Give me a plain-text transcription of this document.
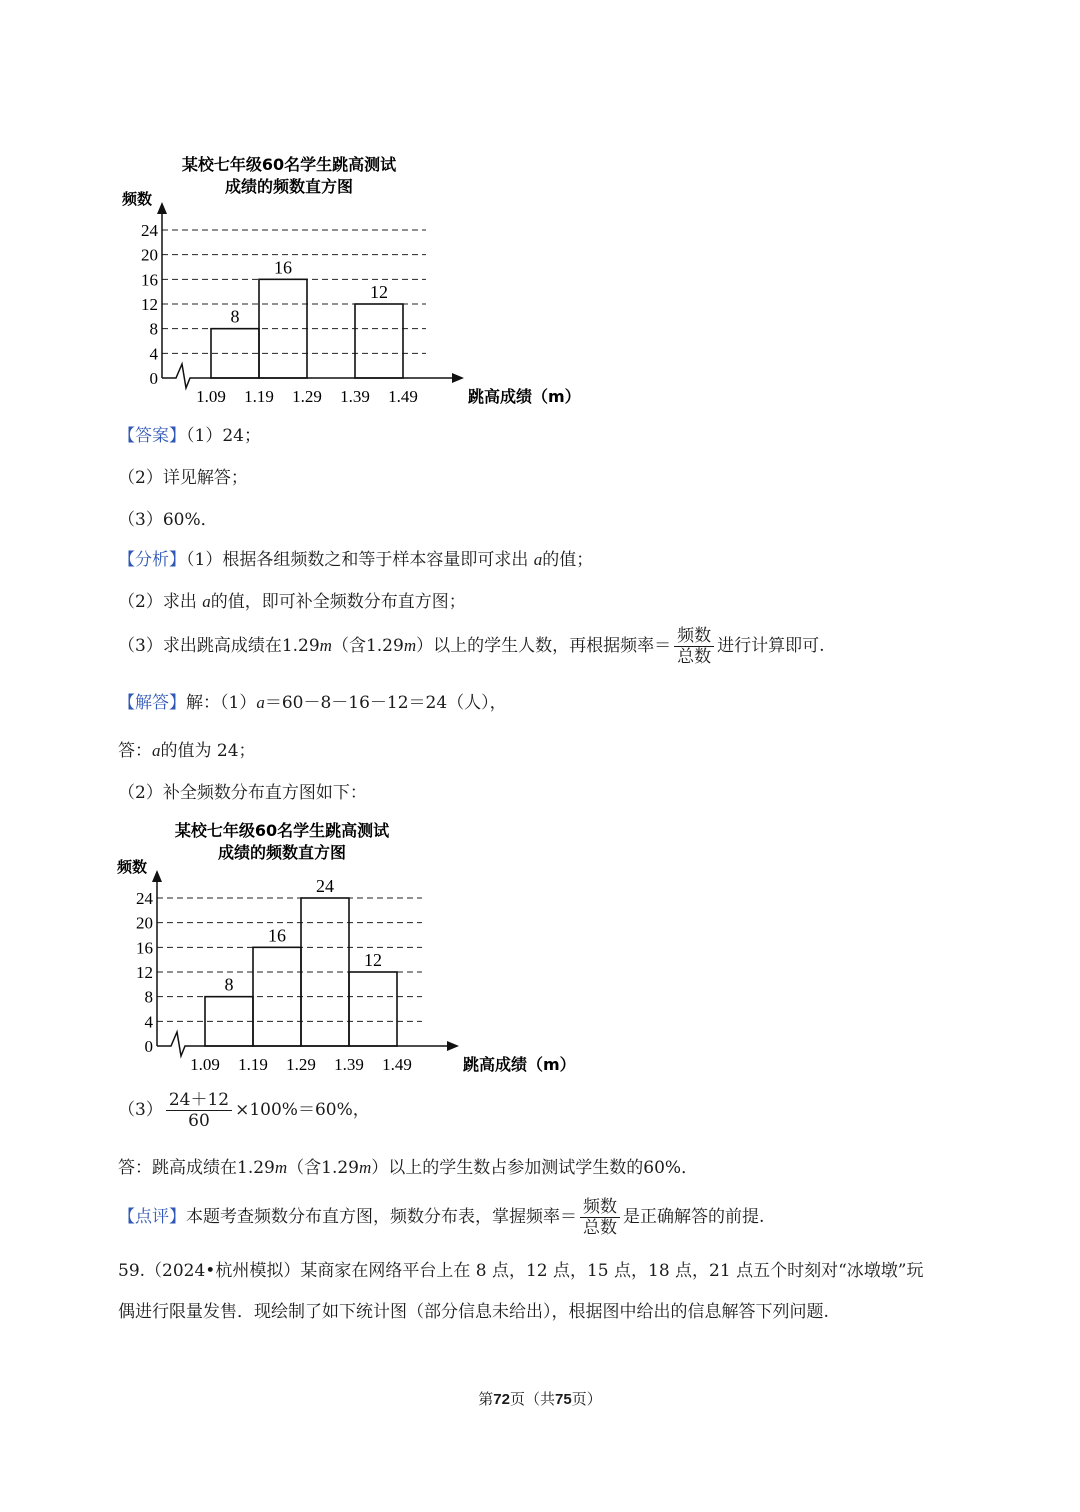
某校七年级60名学生跳高测试
成绩的频数直方图
频数
0
4
8
12
16
20
24
1.09 1.19 1.29 1.39 1.49	跳高成绩（m）
8
16
12
【答案】（1）24；
（2）详见解答；
（3）60%．
【分析】（1）根据各组频数之和等于样本容量即可求出 a的值；
（2）求出 a的值，即可补全频数分布直方图；
（3）求出跳高成绩在1.29m（含1.29m）以上的学生人数，再根据频率＝ $\frac{\text{频数}}{\text{总数}}$ 进行计算即可.
【解答】解：（1）a＝60－8－16－12＝24（人），
答：a的值为 24；
（2）补全频数分布直方图如下：
某校七年级60名学生跳高测试
成绩的频数直方图
频数
0
4
8
12
16
20
24
1.09 1.19 1.29 1.39 1.49	跳高成绩（m）
8
16
24
12
$(3) \frac{24+12}{60} \times 100\%=60\%$，
答：跳高成绩在1.29m（含1.29m）以上的学生数占参加测试学生数的60%．
【点评】本题考查频数分布直方图，频数分布表，掌握频率＝ $\frac{\text{频数}}{\text{总数}}$ 是正确解答的前提.
59.（2024•杭州模拟）某商家在网络平台上在 8 点，12 点，15 点，18 点，21 点五个时刻对“冰墩墩”玩
偶进行限量发售．现绘制了如下统计图（部分信息未给出），根据图中给出的信息解答下列问题.
第72页（共75页）
